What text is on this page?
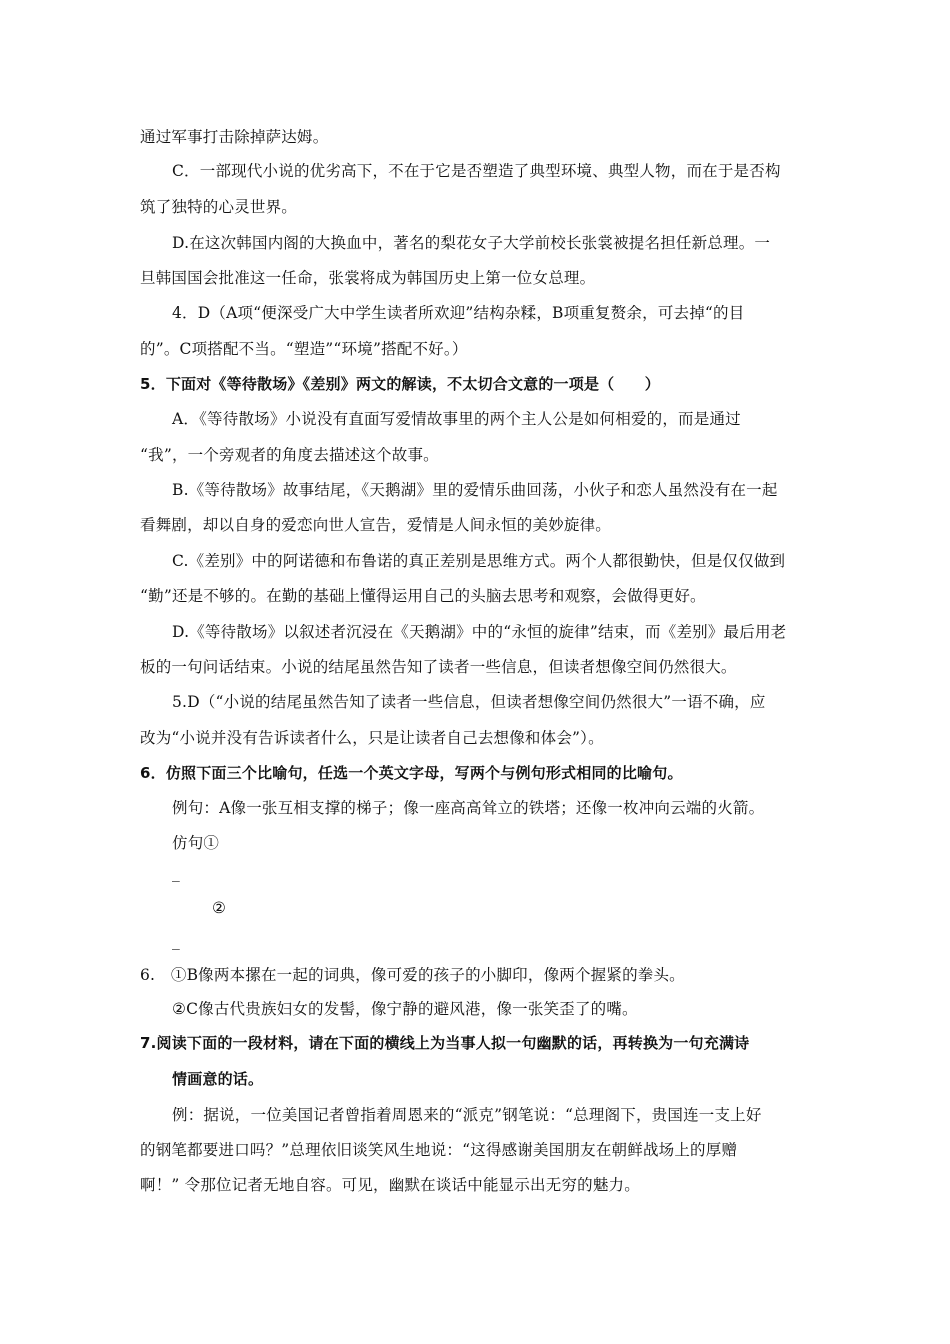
通过军事打击除掉萨达姆。
C．一部现代小说的优劣高下，不在于它是否塑造了典型环境、典型人物，而在于是否构
筑了独特的心灵世界。
D.在这次韩国内阁的大换血中，著名的梨花女子大学前校长张裳被提名担任新总理。一
旦韩国国会批准这一任命，张裳将成为韩国历史上第一位女总理。
4．D（A项“便深受广大中学生读者所欢迎”结构杂糅，B项重复赘余，可去掉“的目
的”。C项搭配不当。“塑造”“环境”搭配不好。）
5．下面对《等待散场》《差别》两文的解读，不太切合文意的一项是（　　）
A．《等待散场》小说没有直面写爱情故事里的两个主人公是如何相爱的，而是通过
“我”，一个旁观者的角度去描述这个故事。
B.《等待散场》故事结尾，《天鹅湖》里的爱情乐曲回荡，小伙子和恋人虽然没有在一起
看舞剧，却以自身的爱恋向世人宣告，爱情是人间永恒的美妙旋律。
C.《差别》中的阿诺德和布鲁诺的真正差别是思维方式。两个人都很勤快，但是仅仅做到
“勤”还是不够的。在勤的基础上懂得运用自己的头脑去思考和观察，会做得更好。
D.《等待散场》以叙述者沉浸在《天鹅湖》中的“永恒的旋律”结束，而《差别》最后用老
板的一句问话结束。小说的结尾虽然告知了读者一些信息，但读者想像空间仍然很大。
5.D（“小说的结尾虽然告知了读者一些信息，但读者想像空间仍然很大”一语不确，应
改为“小说并没有告诉读者什么，只是让读者自己去想像和体会”）。
6．仿照下面三个比喻句，任选一个英文字母，写两个与例句形式相同的比喻句。
例句：A像一张互相支撑的梯子；像一座高高耸立的铁塔；还像一枚冲向云端的火箭。
仿句①
_
②
_
6.　①B像两本摞在一起的词典，像可爱的孩子的小脚印，像两个握紧的拳头。
②C像古代贵族妇女的发髻，像宁静的避风港，像一张笑歪了的嘴。
7.阅读下面的一段材料，请在下面的横线上为当事人拟一句幽默的话，再转换为一句充满诗
情画意的话。
例：据说，一位美国记者曾指着周恩来的“派克”钢笔说：“总理阁下，贵国连一支上好
的钢笔都要进口吗？”总理依旧谈笑风生地说：“这得感谢美国朋友在朝鲜战场上的厚赠
啊！” 令那位记者无地自容。可见，幽默在谈话中能显示出无穷的魅力。
